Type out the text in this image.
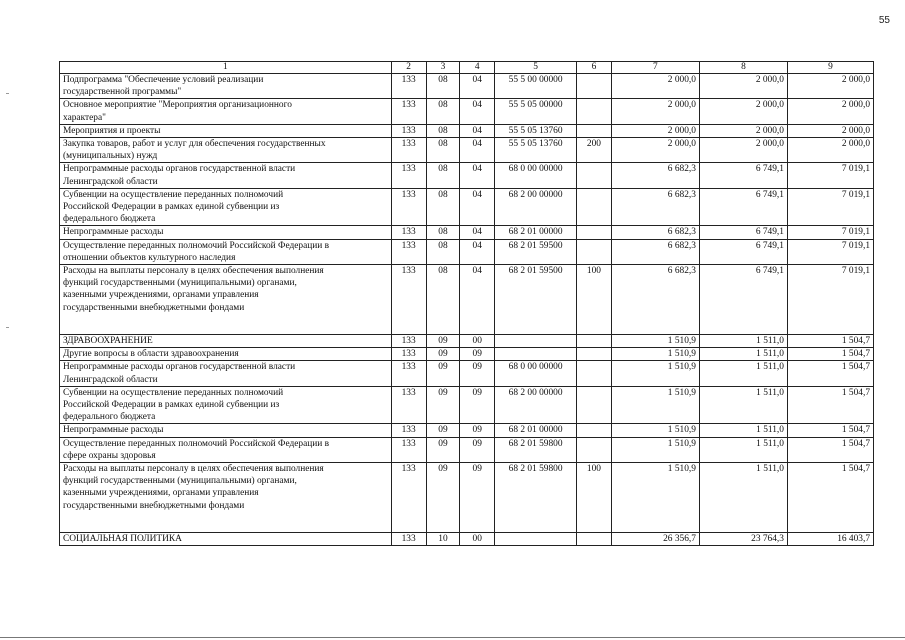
55
1	2	3	4	5	6	7	8	9
Подпрограмма "Обеспечение условий реализации
государственной программы"	133	08	04	55 5 00 00000		2 000,0	2 000,0	2 000,0
Основное мероприятие "Мероприятия организационного
характера"	133	08	04	55 5 05 00000		2 000,0	2 000,0	2 000,0
Мероприятия и проекты	133	08	04	55 5 05 13760		2 000,0	2 000,0	2 000,0
Закупка товаров, работ и услуг для обеспечения государственных
(муниципальных) нужд	133	08	04	55 5 05 13760	200	2 000,0	2 000,0	2 000,0
Непрограммные расходы органов государственной власти
Ленинградской области	133	08	04	68 0 00 00000		6 682,3	6 749,1	7 019,1
Субвенции на осуществление переданных полномочий
Российской Федерации в рамках единой субвенции из
федерального бюджета	133	08	04	68 2 00 00000		6 682,3	6 749,1	7 019,1
Непрограммные расходы	133	08	04	68 2 01 00000		6 682,3	6 749,1	7 019,1
Осуществление переданных полномочий Российской Федерации в
отношении объектов культурного наследия	133	08	04	68 2 01 59500		6 682,3	6 749,1	7 019,1
Расходы на выплаты персоналу в целях обеспечения выполнения
функций государственными (муниципальными) органами,
казенными учреждениями, органами управления
государственными внебюджетными фондами	133	08	04	68 2 01 59500	100	6 682,3	6 749,1	7 019,1
ЗДРАВООХРАНЕНИЕ	133	09	00			1 510,9	1 511,0	1 504,7
Другие вопросы в области здравоохранения	133	09	09			1 510,9	1 511,0	1 504,7
Непрограммные расходы органов государственной власти
Ленинградской области	133	09	09	68 0 00 00000		1 510,9	1 511,0	1 504,7
Субвенции на осуществление переданных полномочий
Российской Федерации в рамках единой субвенции из
федерального бюджета	133	09	09	68 2 00 00000		1 510,9	1 511,0	1 504,7
Непрограммные расходы	133	09	09	68 2 01 00000		1 510,9	1 511,0	1 504,7
Осуществление переданных полномочий Российской Федерации в
сфере охраны здоровья	133	09	09	68 2 01 59800		1 510,9	1 511,0	1 504,7
Расходы на выплаты персоналу в целях обеспечения выполнения
функций государственными (муниципальными) органами,
казенными учреждениями, органами управления
государственными внебюджетными фондами	133	09	09	68 2 01 59800	100	1 510,9	1 511,0	1 504,7
СОЦИАЛЬНАЯ ПОЛИТИКА	133	10	00			26 356,7	23 764,3	16 403,7
